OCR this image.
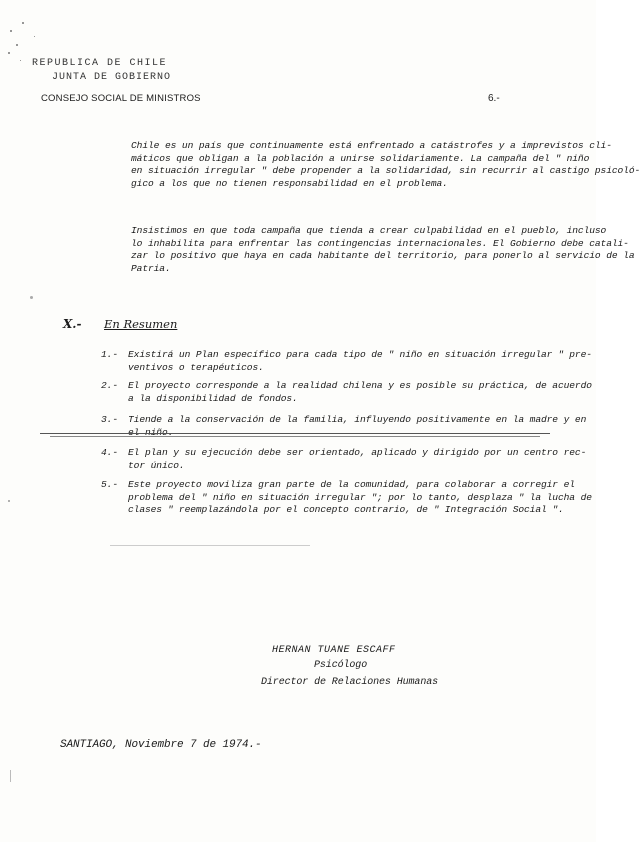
REPUBLICA DE CHILE
JUNTA DE GOBIERNO
CONSEJO SOCIAL DE MINISTROS	6.-
Chile es un país que continuamente está enfrentado a catástrofes y a imprevistos cli-
máticos que obligan a la población a unirse solidariamente. La campaña del " niño
en situación irregular " debe propender a la solidaridad, sin recurrir al castigo psicoló-
gico a los que no tienen responsabilidad en el problema.
Insistimos en que toda campaña que tienda a crear culpabilidad en el pueblo, incluso
lo inhabilita para enfrentar las contingencias internacionales. El Gobierno debe catali-
zar lo positivo que haya en cada habitante del territorio, para ponerlo al servicio de la
Patria.
X.- En Resumen
1.- Existirá un Plan específico para cada tipo de " niño en situación irregular " pre-
ventivos o terapéuticos.
2.- El proyecto corresponde a la realidad chilena y es posible su práctica, de acuerdo
a la disponibilidad de fondos.
3.- Tiende a la conservación de la familia, influyendo positivamente en la madre y en
4.- El plan y su ejecución debe ser orientado, aplicado y dirigido por un centro rec-
tor único.
5.- Este proyecto moviliza gran parte de la comunidad, para colaborar a corregir el
problema del " niño en situación irregular "; por lo tanto, desplaza " la lucha de
clases " reemplazándola por el concepto contrario, de " Integración Social ".
HERNAN TUANE ESCAFF
Psicólogo
Director de Relaciones Humanas
SANTIAGO, Noviembre 7 de 1974.-
